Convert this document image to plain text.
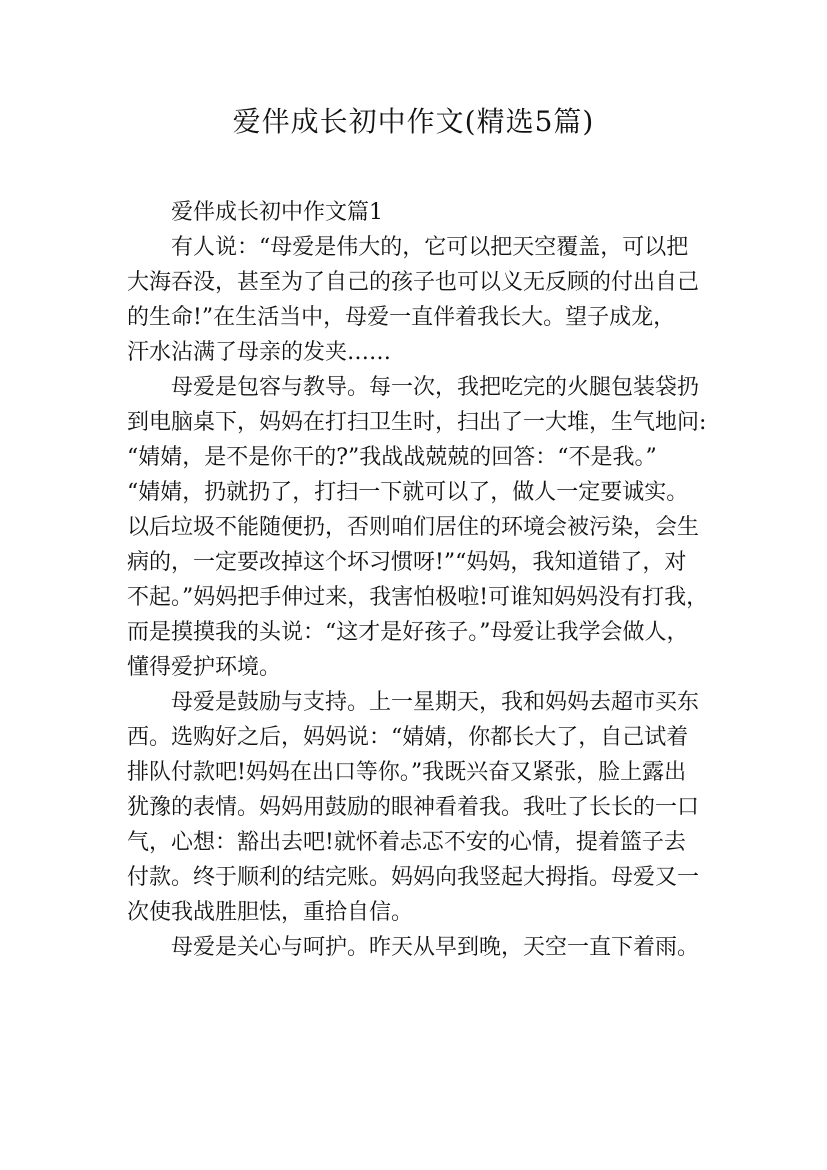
爱伴成长初中作文(精选5篇)
爱伴成长初中作文篇1
有人说：“母爱是伟大的，它可以把天空覆盖，可以把
大海吞没，甚至为了自己的孩子也可以义无反顾的付出自己
的生命!”在生活当中，母爱一直伴着我长大。望子成龙，
汗水沾满了母亲的发夹……
母爱是包容与教导。每一次，我把吃完的火腿包装袋扔
到电脑桌下，妈妈在打扫卫生时，扫出了一大堆，生气地问:
“婧婧，是不是你干的?”我战战兢兢的回答：“不是我。”
“婧婧，扔就扔了，打扫一下就可以了，做人一定要诚实。
以后垃圾不能随便扔，否则咱们居住的环境会被污染，会生
病的，一定要改掉这个坏习惯呀!”“妈妈，我知道错了，对
不起。”妈妈把手伸过来，我害怕极啦!可谁知妈妈没有打我，
而是摸摸我的头说：“这才是好孩子。”母爱让我学会做人，
懂得爱护环境。
母爱是鼓励与支持。上一星期天，我和妈妈去超市买东
西。选购好之后，妈妈说：“婧婧，你都长大了，自己试着
排队付款吧!妈妈在出口等你。”我既兴奋又紧张，脸上露出
犹豫的表情。妈妈用鼓励的眼神看着我。我吐了长长的一口
气，心想：豁出去吧!就怀着忐忑不安的心情，提着篮子去
付款。终于顺利的结完账。妈妈向我竖起大拇指。母爱又一
次使我战胜胆怯，重拾自信。
母爱是关心与呵护。昨天从早到晚，天空一直下着雨。
